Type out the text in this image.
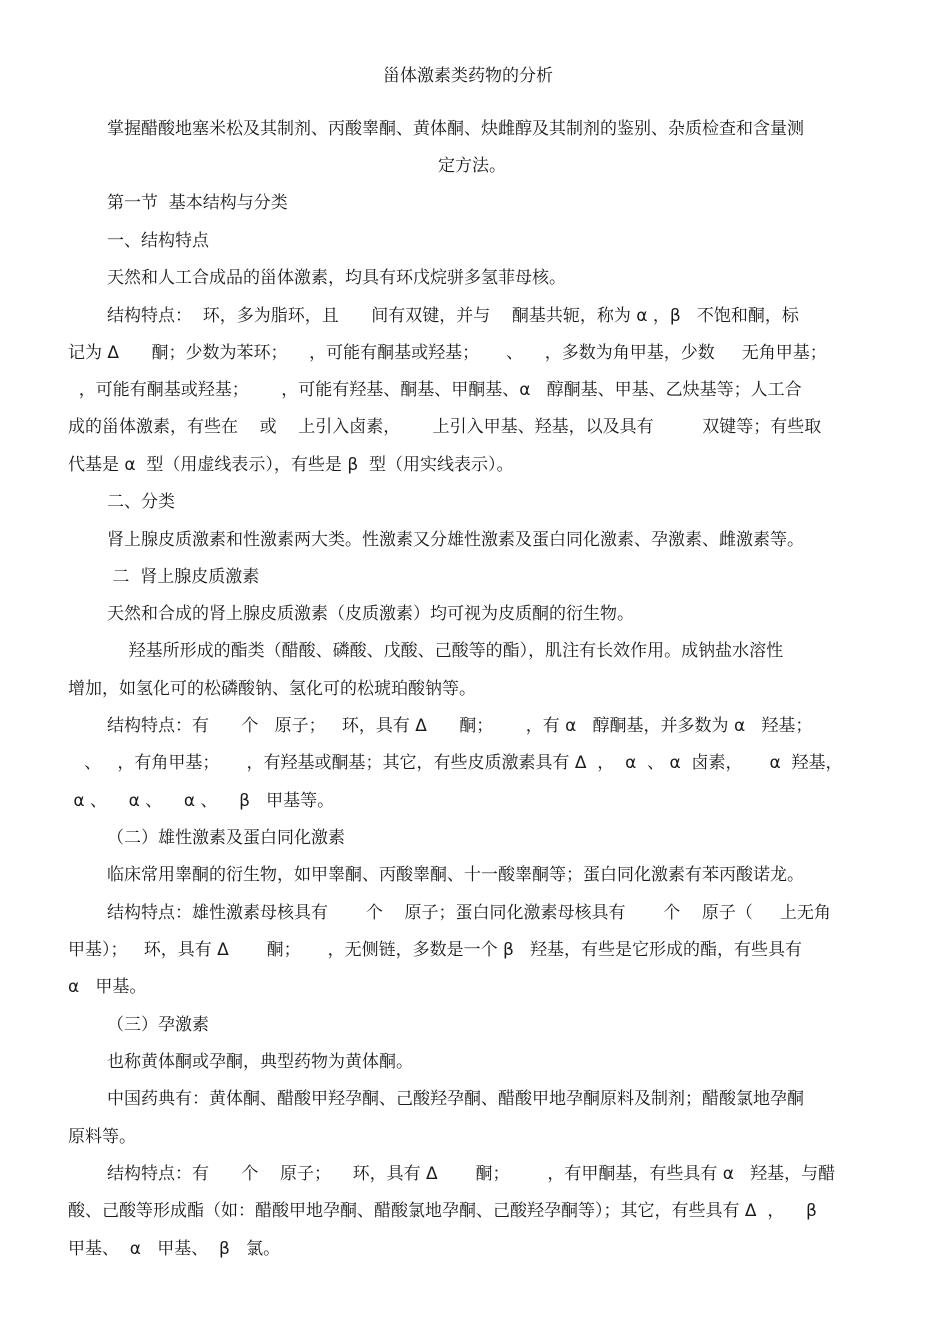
甾体激素类药物的分析
掌握醋酸地塞米松及其制剂、丙酸睾酮、黄体酮、炔雌醇及其制剂的鉴别、杂质检查和含量测
定方法。
第一节  基本结构与分类
一、结构特点
天然和人工合成品的甾体激素，均具有环戊烷骈多氢菲母核。
结构特点：  环，多为脂环，且      间有双键，并与    酮基共轭，称为 α ，β   不饱和酮，标
记为 Δ      酮；少数为苯环；    ，可能有酮基或羟基；     、    ，多数为角甲基，少数     无角甲基；
，可能有酮基或羟基；      ，可能有羟基、酮基、甲酮基、α   醇酮基、甲基、乙炔基等；人工合
成的甾体激素，有些在    或    上引入卤素，      上引入甲基、羟基，以及具有         双键等；有些取
代基是 α  型（用虚线表示），有些是 β  型（用实线表示）。
二、分类
肾上腺皮质激素和性激素两大类。性激素又分雄性激素及蛋白同化激素、孕激素、雌激素等。
二  肾上腺皮质激素
天然和合成的肾上腺皮质激素（皮质激素）均可视为皮质酮的衍生物。
羟基所形成的酯类（醋酸、磷酸、戊酸、己酸等的酯），肌注有长效作用。成钠盐水溶性
增加，如氢化可的松磷酸钠、氢化可的松琥珀酸钠等。
结构特点：有      个   原子；   环，具有 Δ      酮；      ，有 α   醇酮基，并多数为 α   羟基；
、   ，有角甲基；     ，有羟基或酮基；其它，有些皮质激素具有 Δ  ，  α  、 α  卤素，     α  羟基，
α 、    α 、    α 、    β   甲基等。
（二）雄性激素及蛋白同化激素
临床常用睾酮的衍生物，如甲睾酮、丙酸睾酮、十一酸睾酮等；蛋白同化激素有苯丙酸诺龙。
结构特点：雄性激素母核具有       个    原子；蛋白同化激素母核具有       个    原子（     上无角
甲基）；   环，具有 Δ       酮；     ，无侧链，多数是一个 β   羟基，有些是它形成的酯，有些具有
α   甲基。
（三）孕激素
也称黄体酮或孕酮，典型药物为黄体酮。
中国药典有：黄体酮、醋酸甲羟孕酮、己酸羟孕酮、醋酸甲地孕酮原料及制剂；醋酸氯地孕酮
原料等。
结构特点：有      个    原子；    环，具有 Δ       酮；       ，有甲酮基，有些具有 α   羟基，与醋
酸、己酸等形成酯（如：醋酸甲地孕酮、醋酸氯地孕酮、己酸羟孕酮等）；其它，有些具有 Δ  ，    β
甲基、  α   甲基、  β   氯。
